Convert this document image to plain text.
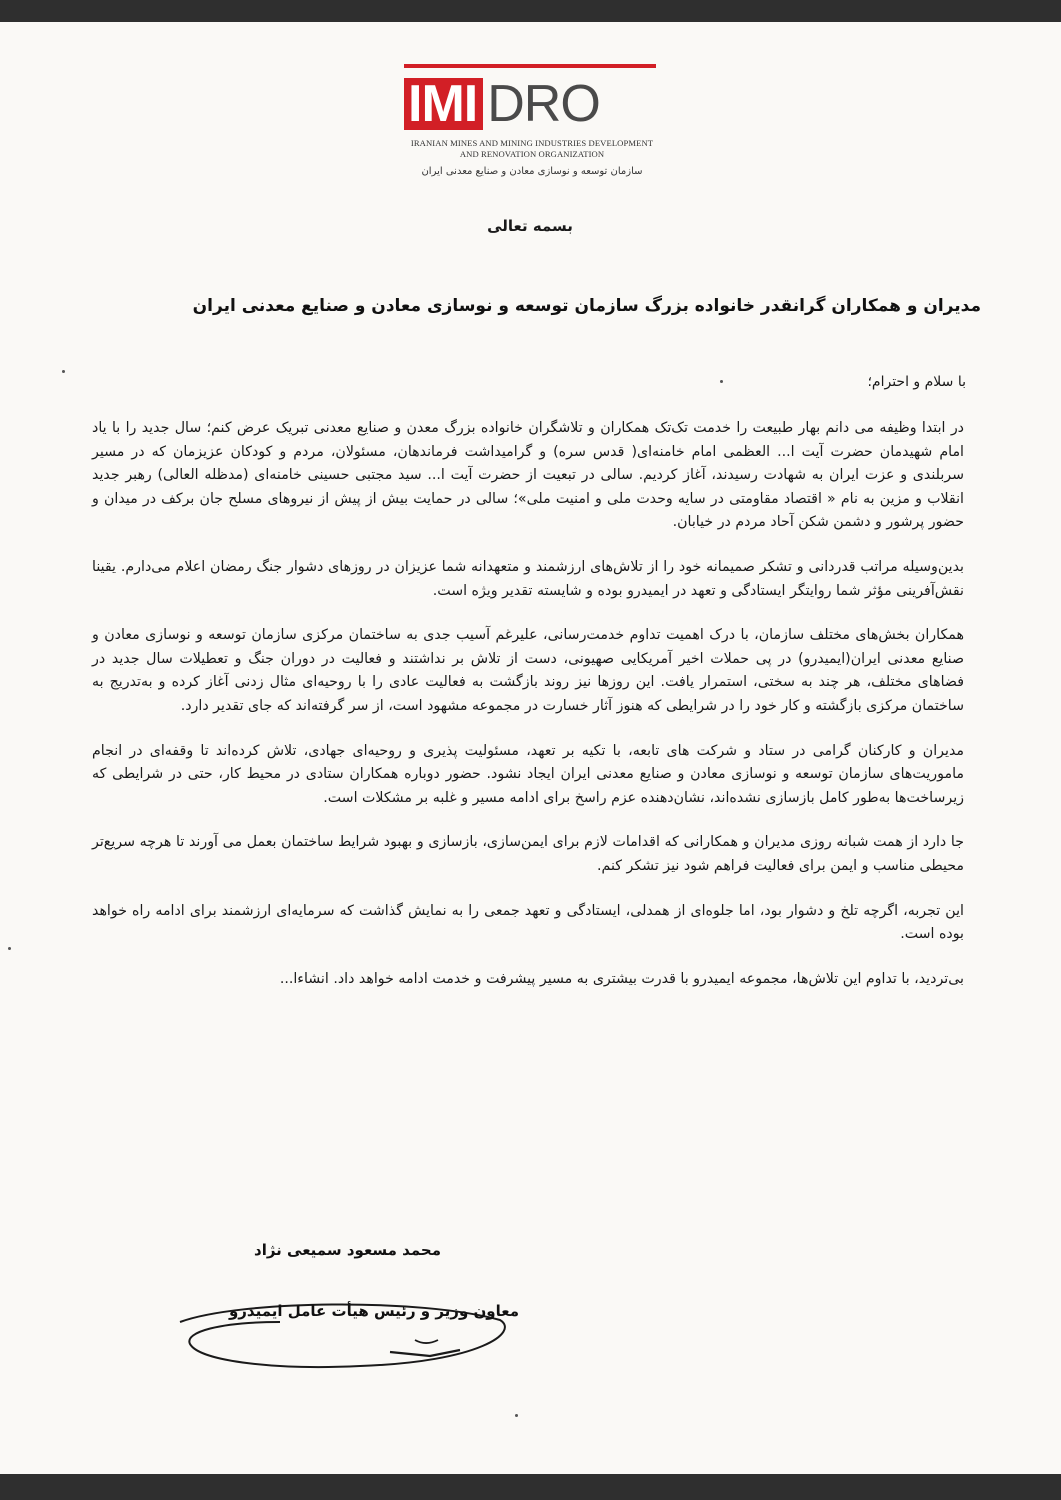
IMI DRO
IRANIAN MINES AND MINING INDUSTRIES DEVELOPMENT
AND RENOVATION ORGANIZATION
سازمان توسعه و نوسازی معادن و صنایع معدنی ایران
بسمه تعالی
مدیران و همکاران گرانقدر خانواده بزرگ سازمان توسعه و نوسازی معادن و صنایع معدنی ایران
با سلام و احترام؛

در ابتدا وظیفه می دانم بهار طبیعت را خدمت تک‌تک همکاران و تلاشگران خانواده بزرگ معدن و صنایع معدنی تبریک عرض کنم؛ سال جدید را با یاد امام شهیدمان حضرت آیت ا... العظمی امام خامنه‌ای( قدس سره) و گرامیداشت فرماندهان، مسئولان، مردم و کودکان عزیزمان که در مسیر سربلندی و عزت ایران به شهادت رسیدند، آغاز کردیم. سالی در تبعیت از حضرت آیت ا... سید مجتبی حسینی خامنه‌ای (مدظله العالی) رهبر جدید انقلاب و مزین به نام « اقتصاد مقاومتی در سایه وحدت ملی و امنیت ملی»؛ سالی در حمایت بیش از پیش از نیروهای مسلح جان برکف در میدان و حضور پرشور و دشمن شکن آحاد مردم در خیابان.

بدین‌وسیله مراتب قدردانی و تشکر صمیمانه خود را از تلاش‌های ارزشمند و متعهدانه شما عزیزان در روزهای دشوار جنگ رمضان اعلام می‌دارم. یقینا نقش‌آفرینی مؤثر شما روایتگر ایستادگی و تعهد در ایمیدرو بوده و شایسته تقدیر ویژه است.

همکاران بخش‌های مختلف سازمان، با درک اهمیت تداوم خدمت‌رسانی، علیرغم آسیب جدی به ساختمان مرکزی سازمان توسعه و نوسازی معادن و صنایع معدنی ایران(ایمیدرو) در پی حملات اخیر آمریکایی صهیونی، دست از تلاش بر نداشتند و فعالیت در دوران جنگ و تعطیلات سال جدید در فضاهای مختلف، هر چند به سختی، استمرار یافت. این روزها نیز روند بازگشت به فعالیت عادی را با روحیه‌ای مثال زدنی آغاز کرده و به‌تدریج به ساختمان مرکزی بازگشته و کار خود را در شرایطی که هنوز آثار خسارت در مجموعه مشهود است، از سر گرفته‌اند که جای تقدیر دارد.

مدیران و کارکنان گرامی در ستاد و شرکت های تابعه، با تکیه بر تعهد، مسئولیت پذیری و روحیه‌ای جهادی، تلاش کرده‌اند تا وقفه‌ای در انجام ماموریت‌های سازمان توسعه و نوسازی معادن و صنایع معدنی ایران ایجاد نشود. حضور دوباره همکاران ستادی در محیط کار، حتی در شرایطی که زیرساخت‌ها به‌طور کامل بازسازی نشده‌اند، نشان‌دهنده عزم راسخ برای ادامه مسیر و غلبه بر مشکلات است.

جا دارد از همت شبانه روزی مدیران و همکارانی که اقدامات لازم برای ایمن‌سازی، بازسازی و بهبود شرایط ساختمان بعمل می آورند تا هرچه سریع‌تر محیطی مناسب و ایمن برای فعالیت فراهم شود نیز تشکر کنم.

این تجربه، اگرچه تلخ و دشوار بود، اما جلوه‌ای از همدلی، ایستادگی و تعهد جمعی را به نمایش گذاشت که سرمایه‌ای ارزشمند برای ادامه راه خواهد بوده است.

بی‌تردید، با تداوم این تلاش‌ها، مجموعه ایمیدرو با قدرت بیشتری به مسیر پیشرفت و خدمت ادامه خواهد داد. انشاءا...

محمد مسعود سمیعی نژاد
معاون وزیر و رئیس هیأت عامل ایمیدرو
